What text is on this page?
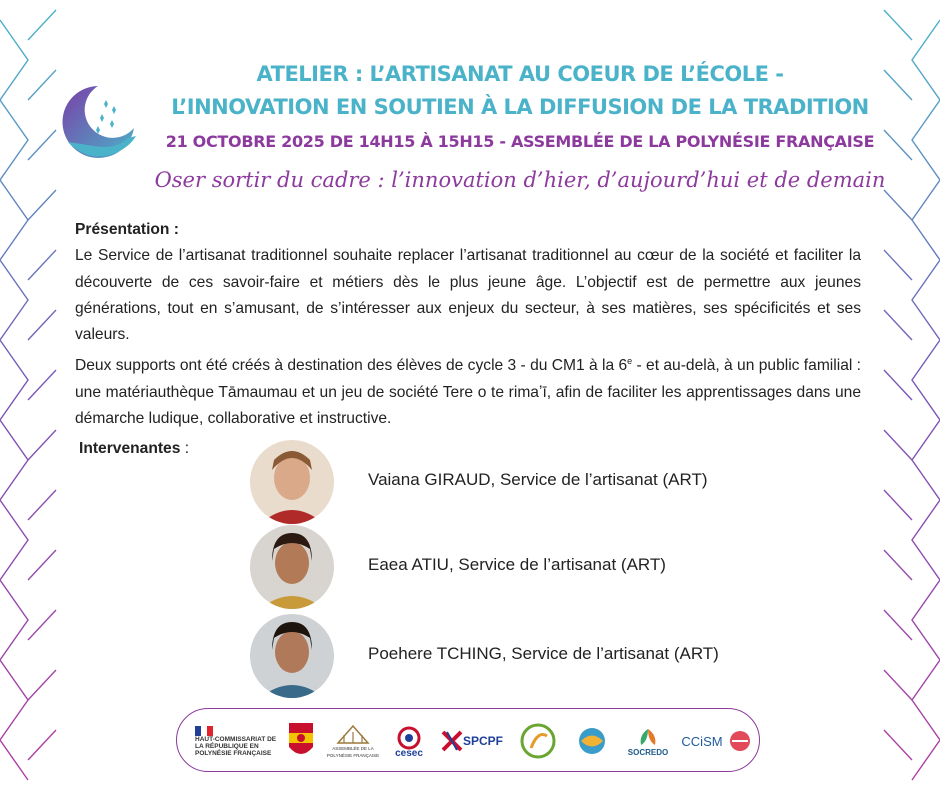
ATELIER : L’ARTISANAT AU COEUR DE L’ÉCOLE -
L’INNOVATION EN SOUTIEN À LA DIFFUSION DE LA TRADITION
21 OCTOBRE 2025 DE 14H15 À 15H15 - ASSEMBLÉE DE LA POLYNÉSIE FRANÇAISE
Oser sortir du cadre : l’innovation d’hier, d’aujourd’hui et de demain
Présentation :

Le Service de l’artisanat traditionnel souhaite replacer l’artisanat traditionnel au cœur de la société et faciliter la découverte de ces savoir-faire et métiers dès le plus jeune âge. L’objectif est de permettre aux jeunes générations, tout en s’amusant, de s’intéresser aux enjeux du secteur, à ses matières, ses spécificités et ses valeurs.

Deux supports ont été créés à destination des élèves de cycle 3 - du CM1 à la 6e - et au-delà, à un public familial : une matériauthèque Tāmaumau et un jeu de société Tere o te rimaʼī, afin de faciliter les apprentissages dans une démarche ludique, collaborative et instructive.

Intervenantes :
Vaiana GIRAUD, Service de l’artisanat (ART)
Eaea ATIU, Service de l’artisanat (ART)
Poehere TCHING, Service de l’artisanat (ART)
HAUT-COMMISSARIAT DE LA RÉPUBLIQUE EN POLYNÉSIE FRANÇAISE
ASSEMBLÉE DE LA POLYNÉSIE FRANÇAISE cesec
SPCPF
SOCREDO
CCiSM
